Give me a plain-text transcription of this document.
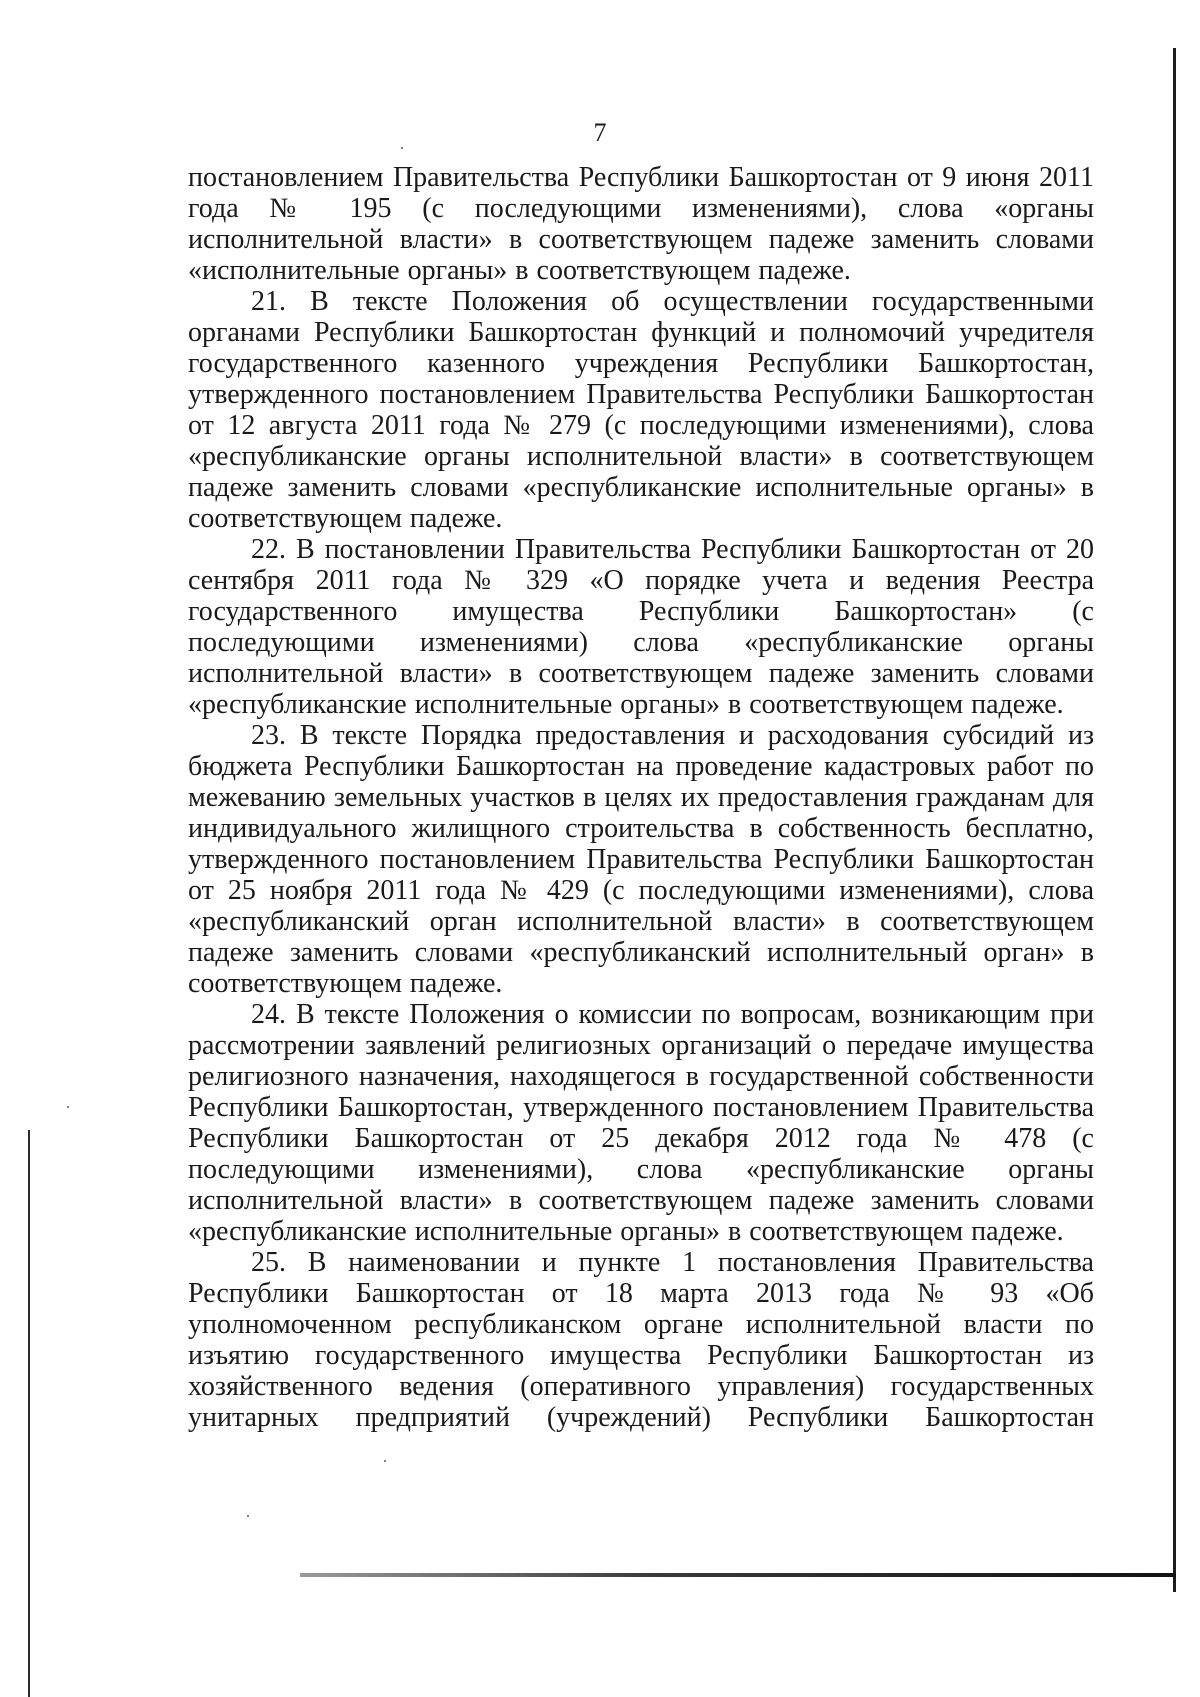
7

постановлением Правительства Республики Башкортостан от 9 июня 2011 года № 195 (с последующими изменениями), слова «органы исполнительной власти» в соответствующем падеже заменить словами «исполнительные органы» в соответствующем падеже.

21. В тексте Положения об осуществлении государственными органами Республики Башкортостан функций и полномочий учредителя государственного казенного учреждения Республики Башкортостан, утвержденного постановлением Правительства Республики Башкортостан от 12 августа 2011 года № 279 (с последующими изменениями), слова «республиканские органы исполнительной власти» в соответствующем падеже заменить словами «республиканские исполнительные органы» в соответствующем падеже.

22. В постановлении Правительства Республики Башкортостан от 20 сентября 2011 года № 329 «О порядке учета и ведения Реестра государственного имущества Республики Башкортостан» (с последующими изменениями) слова «республиканские органы исполнительной власти» в соответствующем падеже заменить словами «республиканские исполнительные органы» в соответствующем падеже.

23. В тексте Порядка предоставления и расходования субсидий из бюджета Республики Башкортостан на проведение кадастровых работ по межеванию земельных участков в целях их предоставления гражданам для индивидуального жилищного строительства в собственность бесплатно, утвержденного постановлением Правительства Республики Башкортостан от 25 ноября 2011 года № 429 (с последующими изменениями), слова «республиканский орган исполнительной власти» в соответствующем падеже заменить словами «республиканский исполнительный орган» в соответствующем падеже.

24. В тексте Положения о комиссии по вопросам, возникающим при рассмотрении заявлений религиозных организаций о передаче имущества религиозного назначения, находящегося в государственной собственности Республики Башкортостан, утвержденного постановлением Правительства Республики Башкортостан от 25 декабря 2012 года № 478 (с последующими изменениями), слова «республиканские органы исполнительной власти» в соответствующем падеже заменить словами «республиканские исполнительные органы» в соответствующем падеже.

25. В наименовании и пункте 1 постановления Правительства Республики Башкортостан от 18 марта 2013 года № 93 «Об уполномоченном республиканском органе исполнительной власти по изъятию государственного имущества Республики Башкортостан из хозяйственного ведения (оперативного управления) государственных унитарных предприятий (учреждений) Республики Башкортостан
